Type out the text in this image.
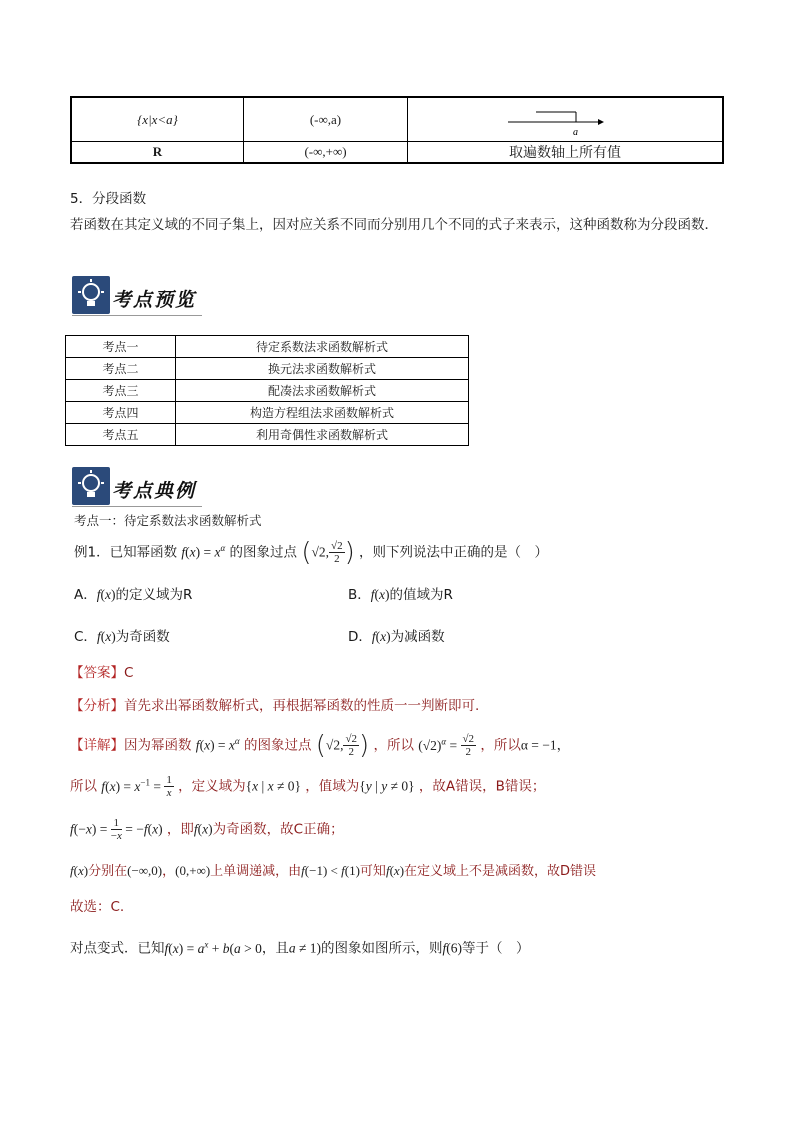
{x|x<a}	(-∞,a)	a

R	(-∞,+∞)	取遍数轴上所有值
5．分段函数
若函数在其定义域的不同子集上，因对应关系不同而分别用几个不同的式子来表示，这种函数称为分段函数．
考点预览
考点一	待定系数法求函数解析式
考点二	换元法求函数解析式
考点三	配凑法求函数解析式
考点四	构造方程组法求函数解析式
考点五	利用奇偶性求函数解析式
考点典例
考点一：待定系数法求函数解析式
例1．已知幂函数 $f(x) = x^\alpha$ 的图象过点 (√2, $\frac{√2}{2}$ ) ，则下列说法中正确的是（　）
A．f(x)的定义域为R	B．f(x)的值域为R
C．f(x)为奇函数	D．f(x)为减函数
【答案】C
【分析】首先求出幂函数解析式，再根据幂函数的性质一一判断即可.
【详解】因为幂函数 $f(x) = x^\alpha$ 的图象过点 (√2, $\frac{√2}{2}$ ) ，所以 $(√2)^\alpha = \frac{√2}{2}$ ，所以α = −1，
所以 $f(x) = x^{-1} = \frac{1}{x}$ ，定义域为{x | x ≠ 0} ，值域为{y | y ≠ 0} ，故A错误，B错误；
$f(-x) = \frac{1}{-x} = -f(x)$ ，即f(x)为奇函数，故C正确；
f(x)分别在(−∞,0)，(0,+∞)上单调递减，由f(−1) < f(1)可知f(x)在定义域上不是减函数，故D错误
故选：C.
对点变式．已知$f(x) = a^x + b(a > 0$，且a ≠ 1)的图象如图所示，则f(6)等于（　）
